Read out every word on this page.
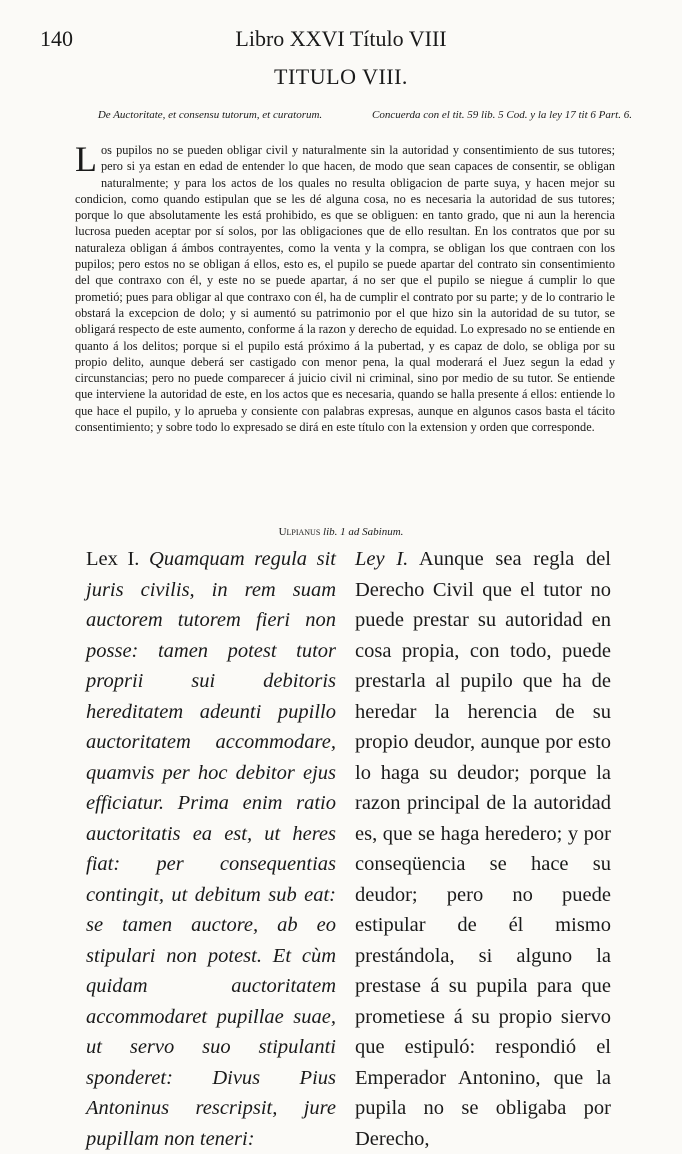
140	Libro XXVI Título VIII
TITULO VIII.
De Auctoritate, et consensu tutorum, et curatorum.	Concuerda con el tit. 59 lib. 5 Cod. y la ley 17 tit 6 Part. 6.
Los pupilos no se pueden obligar civil y naturalmente sin la autoridad y consentimiento de sus tutores; pero si ya estan en edad de entender lo que hacen, de modo que sean capaces de consentir, se obligan naturalmente; y para los actos de los quales no resulta obligacion de parte suya, y hacen mejor su condicion, como quando estipulan que se les dé alguna cosa, no es necesaria la autoridad de sus tutores; porque lo que absolutamente les está prohibido, es que se obliguen: en tanto grado, que ni aun la herencia lucrosa pueden aceptar por sí solos, por las obligaciones que de ello resultan. En los contratos que por su naturaleza obligan á ámbos contrayentes, como la venta y la compra, se obligan los que contraen con los pupilos; pero estos no se obligan á ellos, esto es, el pupilo se puede apartar del contrato sin consentimiento del que contraxo con él, y este no se puede apartar, á no ser que el pupilo se niegue á cumplir lo que prometió; pues para obligar al que contraxo con él, ha de cumplir el contrato por su parte; y de lo contrario le obstará la excepcion de dolo; y si aumentó su patrimonio por el que hizo sin la autoridad de su tutor, se obligará respecto de este aumento, conforme á la razon y derecho de equidad. Lo expresado no se entiende en quanto á los delitos; porque si el pupilo está próximo á la pubertad, y es capaz de dolo, se obliga por su propio delito, aunque deberá ser castigado con menor pena, la qual moderará el Juez segun la edad y circunstancias; pero no puede comparecer á juicio civil ni criminal, sino por medio de su tutor. Se entiende que interviene la autoridad de este, en los actos que es necesaria, quando se halla presente á ellos: entiende lo que hace el pupilo, y lo aprueba y consiente con palabras expresas, aunque en algunos casos basta el tácito consentimiento; y sobre todo lo expresado se dirá en este título con la extension y orden que corresponde.
Ulpianus lib. 1 ad Sabinum.
Lex I. Quamquam regula sit juris civilis, in rem suam auctorem tutorem fieri non posse: tamen potest tutor proprii sui debitoris hereditatem adeunti pupillo auctoritatem accommodare, quamvis per hoc debitor ejus efficiatur. Prima enim ratio auctoritatis ea est, ut heres fiat: per consequentias contingit, ut debitum sub eat: se tamen auctore, ab eo stipulari non potest. Et cùm quidam auctoritatem accommodaret pupillae suae, ut servo suo stipulanti sponderet: Divus Pius Antoninus rescripsit, jure pupillam non teneri:
Ley I. Aunque sea regla del Derecho Civil que el tutor no puede prestar su autoridad en cosa propia, con todo, puede prestarla al pupilo que ha de heredar la herencia de su propio deudor, aunque por esto lo haga su deudor; porque la razon principal de la autoridad es, que se haga heredero; y por conseqüencia se hace su deudor; pero no puede estipular de él mismo prestándola, si alguno la prestase á su pupila para que prometiese á su propio siervo que estipuló: respondió el Emperador Antonino, que la pupila no se obligaba por Derecho,
